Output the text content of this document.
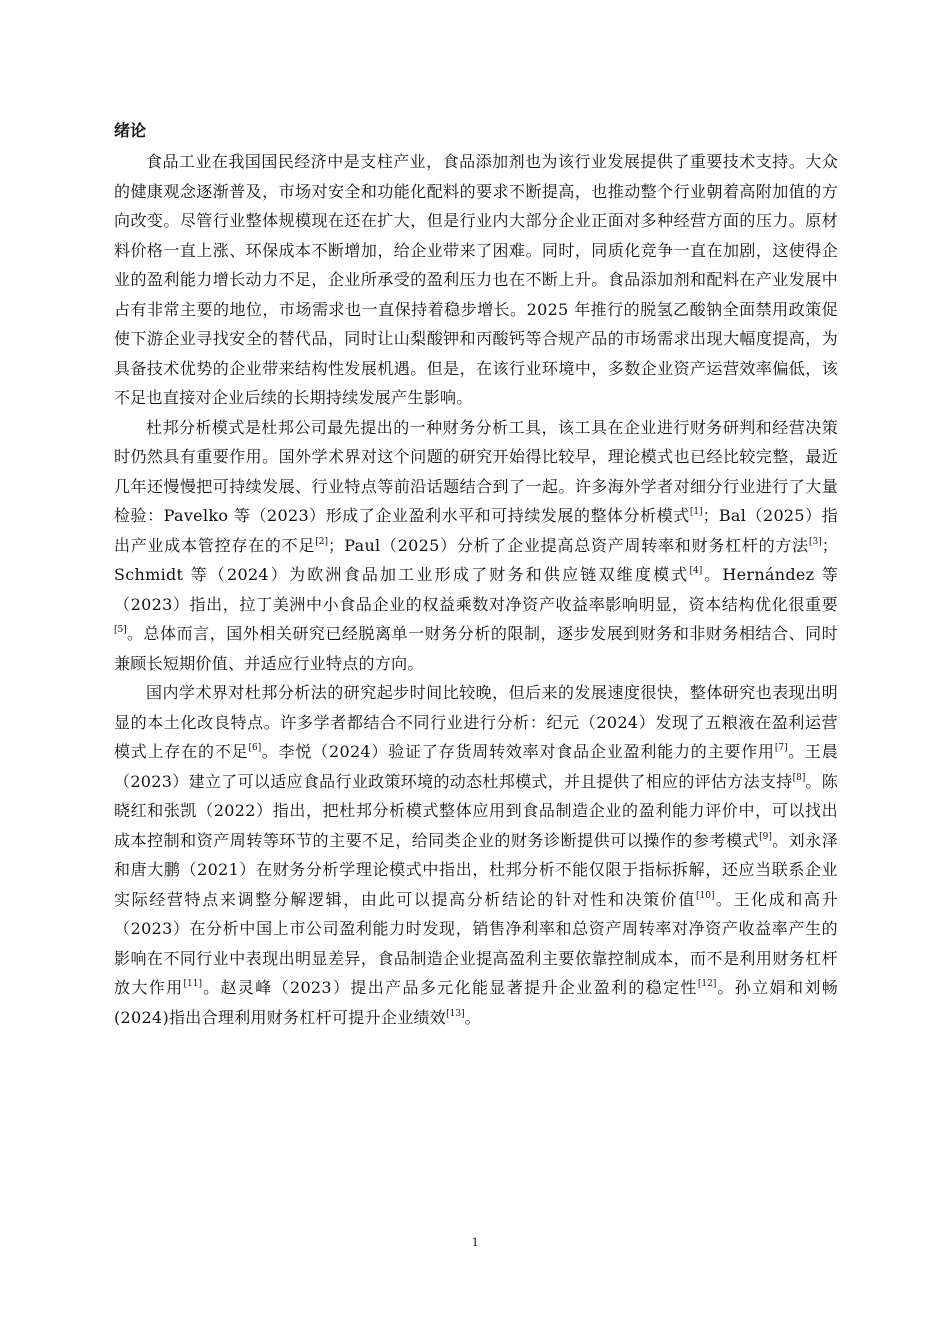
绪论

食品工业在我国国民经济中是支柱产业，食品添加剂也为该行业发展提供了重要技术支持。大众的健康观念逐渐普及，市场对安全和功能化配料的要求不断提高，也推动整个行业朝着高附加值的方向改变。尽管行业整体规模现在还在扩大，但是行业内大部分企业正面对多种经营方面的压力。原材料价格一直上涨、环保成本不断增加，给企业带来了困难。同时，同质化竞争一直在加剧，这使得企业的盈利能力增长动力不足，企业所承受的盈利压力也在不断上升。食品添加剂和配料在产业发展中占有非常主要的地位，市场需求也一直保持着稳步增长。2025 年推行的脱氢乙酸钠全面禁用政策促使下游企业寻找安全的替代品，同时让山梨酸钾和丙酸钙等合规产品的市场需求出现大幅度提高，为具备技术优势的企业带来结构性发展机遇。但是，在该行业环境中，多数企业资产运营效率偏低，该不足也直接对企业后续的长期持续发展产生影响。

杜邦分析模式是杜邦公司最先提出的一种财务分析工具，该工具在企业进行财务研判和经营决策时仍然具有重要作用。国外学术界对这个问题的研究开始得比较早，理论模式也已经比较完整，最近几年还慢慢把可持续发展、行业特点等前沿话题结合到了一起。许多海外学者对细分行业进行了大量检验：Pavelko 等（2023）形成了企业盈利水平和可持续发展的整体分析模式[1]；Bal（2025）指出产业成本管控存在的不足[2]；Paul（2025）分析了企业提高总资产周转率和财务杠杆的方法[3]；Schmidt 等（2024）为欧洲食品加工业形成了财务和供应链双维度模式[4]。Hernández 等（2023）指出，拉丁美洲中小食品企业的权益乘数对净资产收益率影响明显，资本结构优化很重要[5]。总体而言，国外相关研究已经脱离单一财务分析的限制，逐步发展到财务和非财务相结合、同时兼顾长短期价值、并适应行业特点的方向。

国内学术界对杜邦分析法的研究起步时间比较晚，但后来的发展速度很快，整体研究也表现出明显的本土化改良特点。许多学者都结合不同行业进行分析：纪元（2024）发现了五粮液在盈利运营模式上存在的不足[6]。李悦（2024）验证了存货周转效率对食品企业盈利能力的主要作用[7]。王晨（2023）建立了可以适应食品行业政策环境的动态杜邦模式，并且提供了相应的评估方法支持[8]。陈晓红和张凯（2022）指出，把杜邦分析模式整体应用到食品制造企业的盈利能力评价中，可以找出成本控制和资产周转等环节的主要不足，给同类企业的财务诊断提供可以操作的参考模式[9]。刘永泽和唐大鹏（2021）在财务分析学理论模式中指出，杜邦分析不能仅限于指标拆解，还应当联系企业实际经营特点来调整分解逻辑，由此可以提高分析结论的针对性和决策价值[10]。王化成和高升（2023）在分析中国上市公司盈利能力时发现，销售净利率和总资产周转率对净资产收益率产生的影响在不同行业中表现出明显差异，食品制造企业提高盈利主要依靠控制成本，而不是利用财务杠杆放大作用[11]。赵灵峰（2023）提出产品多元化能显著提升企业盈利的稳定性[12]。孙立娟和刘畅(2024)指出合理利用财务杠杆可提升企业绩效[13]。

1
